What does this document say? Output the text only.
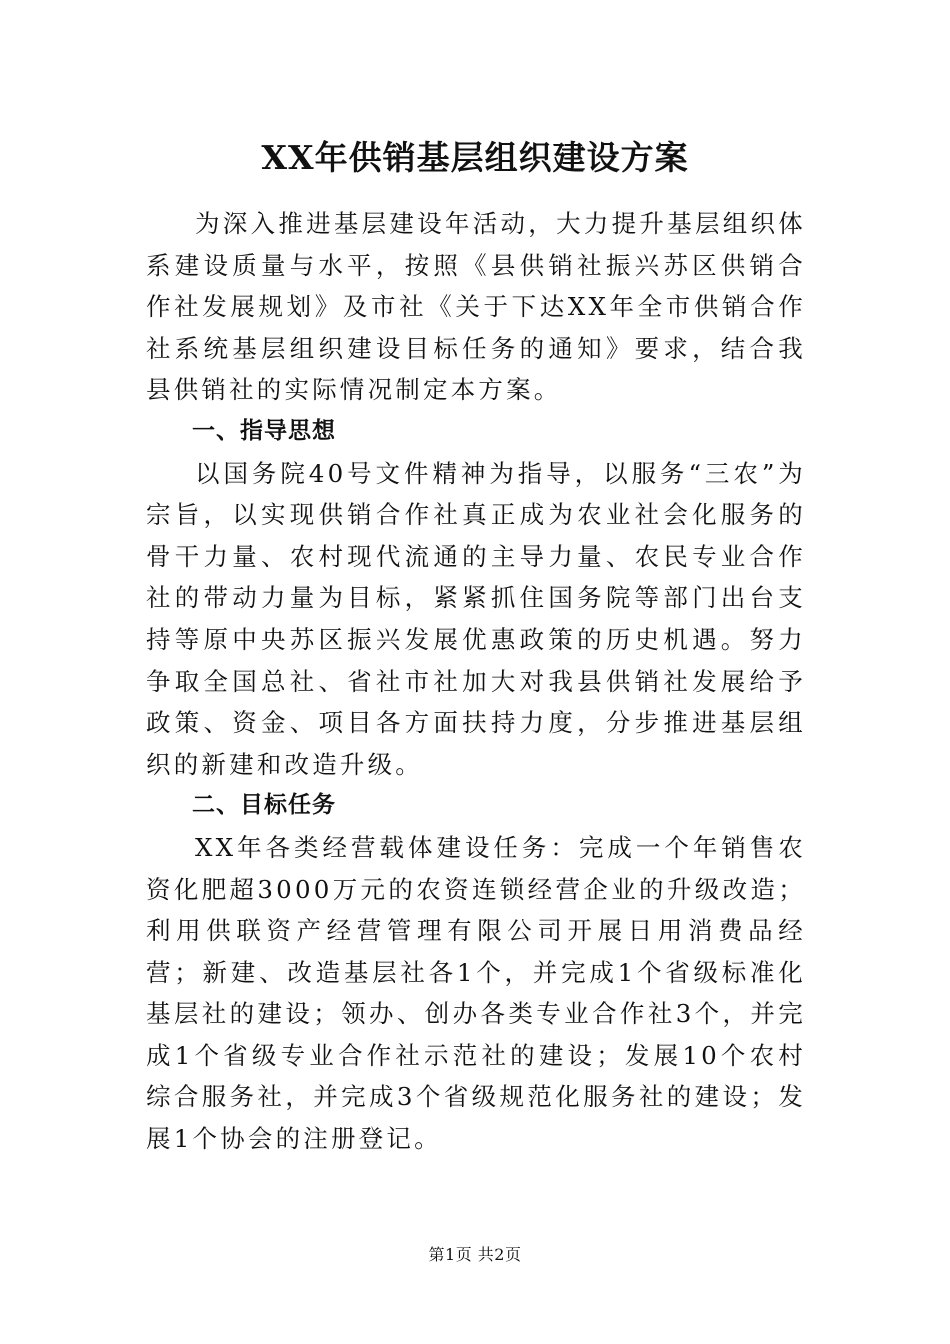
XX年供销基层组织建设方案

为深入推进基层建设年活动，大力提升基层组织体系建设质量与水平，按照《县供销社振兴苏区供销合作社发展规划》及市社《关于下达XX年全市供销合作社系统基层组织建设目标任务的通知》要求，结合我县供销社的实际情况制定本方案。

一、指导思想

以国务院40号文件精神为指导，以服务“三农”为宗旨，以实现供销合作社真正成为农业社会化服务的骨干力量、农村现代流通的主导力量、农民专业合作社的带动力量为目标，紧紧抓住国务院等部门出台支持等原中央苏区振兴发展优惠政策的历史机遇。努力争取全国总社、省社市社加大对我县供销社发展给予政策、资金、项目各方面扶持力度，分步推进基层组织的新建和改造升级。

二、目标任务

XX年各类经营载体建设任务：完成一个年销售农资化肥超3000万元的农资连锁经营企业的升级改造；利用供联资产经营管理有限公司开展日用消费品经营；新建、改造基层社各1个，并完成1个省级标准化基层社的建设；领办、创办各类专业合作社3个，并完成1个省级专业合作社示范社的建设；发展10个农村综合服务社，并完成3个省级规范化服务社的建设；发展1个协会的注册登记。

第1页 共2页
